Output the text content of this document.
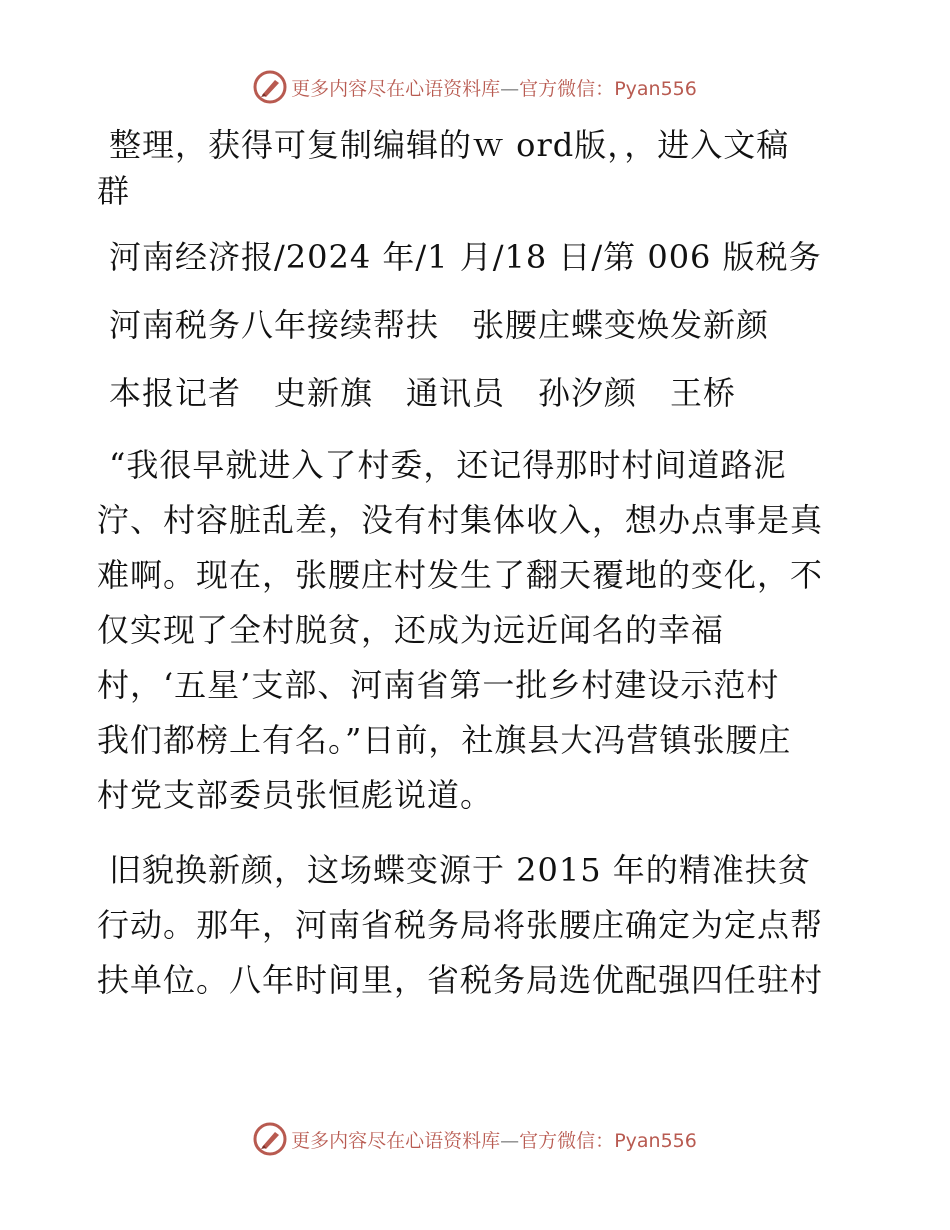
更多内容尽在心语资料库—官方微信：Pyan556

整理，获得可复制编辑的ｗ ord版，，进入文稿
群

河南经济报/2024 年/1 月/18 日/第 006 版税务

河南税务八年接续帮扶　张腰庄蝶变焕发新颜

本报记者　史新旗　通讯员　孙汐颜　王桥

“我很早就进入了村委，还记得那时村间道路泥
泞、村容脏乱差，没有村集体收入，想办点事是真
难啊。现在，张腰庄村发生了翻天覆地的变化，不
仅实现了全村脱贫，还成为远近闻名的幸福
村，‘五星’支部、河南省第一批乡村建设示范村
我们都榜上有名。”日前，社旗县大冯营镇张腰庄
村党支部委员张恒彪说道。

旧貌换新颜，这场蝶变源于 2015 年的精准扶贫
行动。那年，河南省税务局将张腰庄确定为定点帮
扶单位。八年时间里，省税务局选优配强四任驻村

更多内容尽在心语资料库—官方微信：Pyan556
